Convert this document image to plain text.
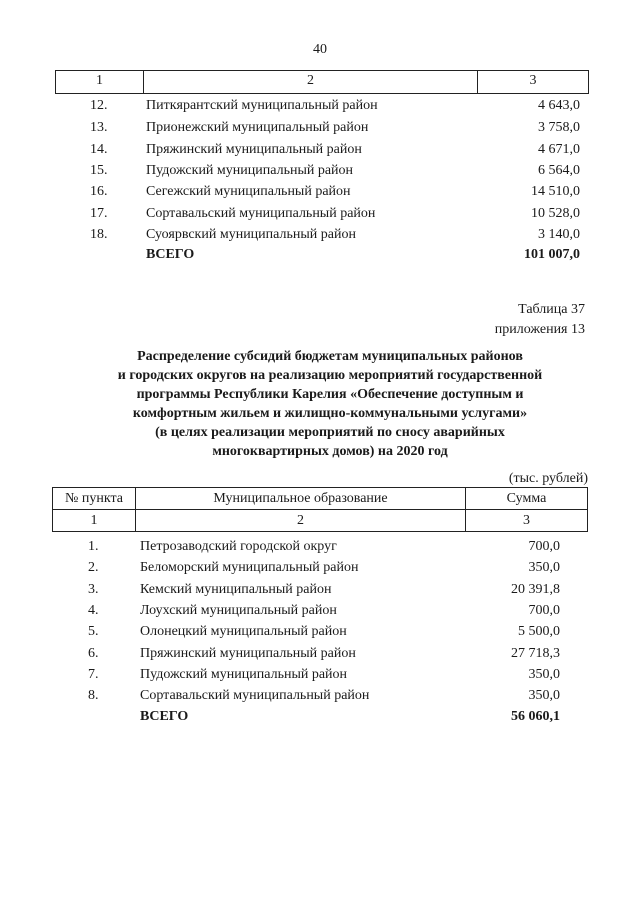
40
1	2	3
12.	Питкярантский муниципальный район	4 643,0
13.	Прионежский муниципальный район	3 758,0
14.	Пряжинский муниципальный район	4 671,0
15.	Пудожский муниципальный район	6 564,0
16.	Сегежский муниципальный район	14 510,0
17.	Сортавальский муниципальный район	10 528,0
18.	Суоярвский муниципальный район	3 140,0
ВСЕГО	101 007,0
Таблица 37
приложения 13
Распределение субсидий бюджетам муниципальных районов
и городских округов на реализацию мероприятий государственной
программы Республики Карелия «Обеспечение доступным и
комфортным жильем и жилищно-коммунальными услугами»
(в целях реализации мероприятий по сносу аварийных
многоквартирных домов) на 2020 год
(тыс. рублей)
№ пункта	Муниципальное образование	Сумма
1	2	3
1.	Петрозаводский городской округ	700,0
2.	Беломорский муниципальный район	350,0
3.	Кемский муниципальный район	20 391,8
4.	Лоухский муниципальный район	700,0
5.	Олонецкий муниципальный район	5 500,0
6.	Пряжинский муниципальный район	27 718,3
7.	Пудожский муниципальный район	350,0
8.	Сортавальский муниципальный район	350,0
ВСЕГО	56 060,1
